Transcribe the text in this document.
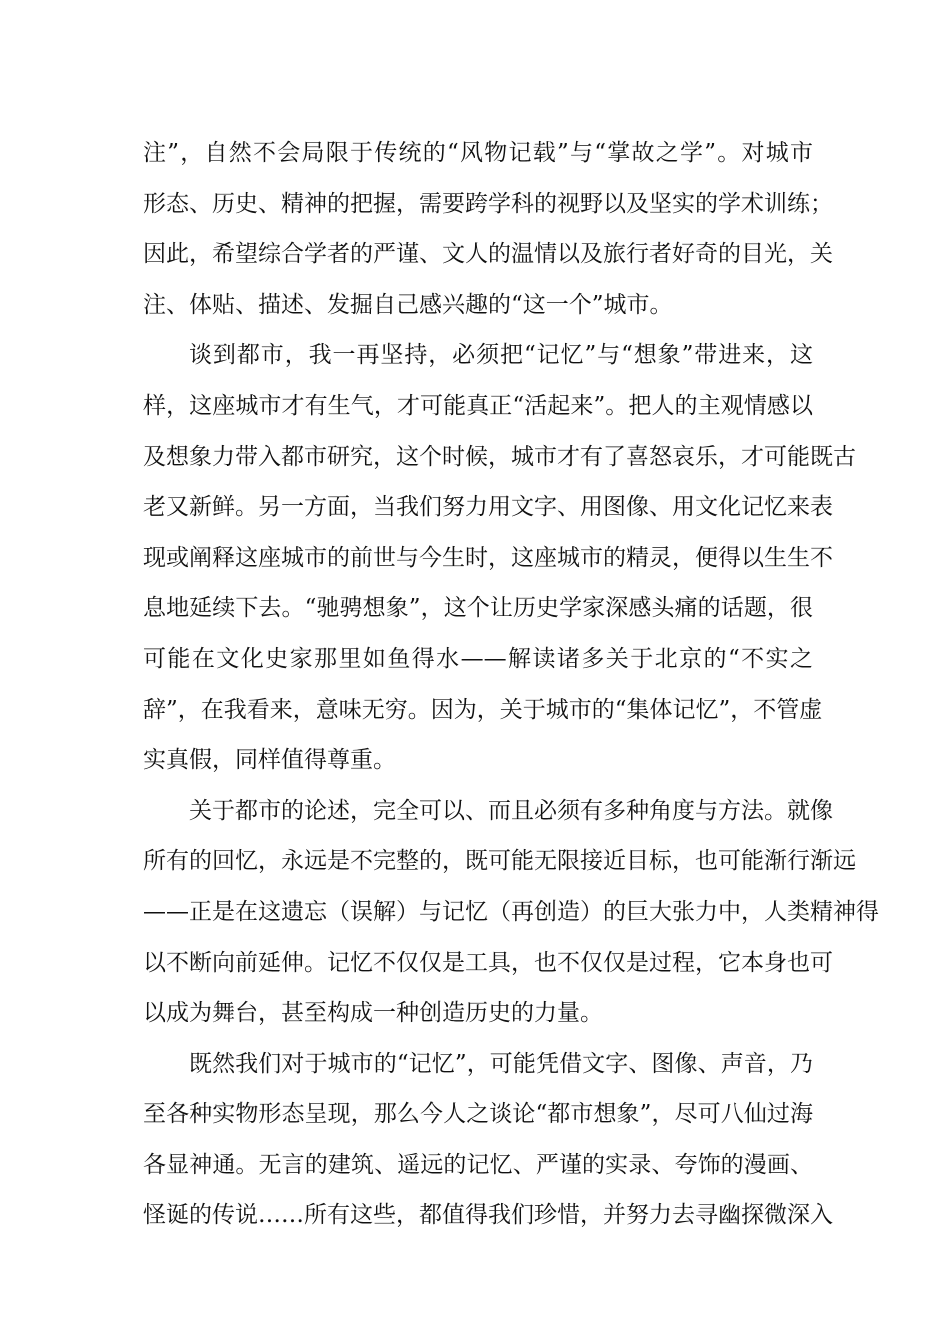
注”，自然不会局限于传统的“风物记载”与“掌故之学”。对城市
形态、历史、精神的把握，需要跨学科的视野以及坚实的学术训练；
因此，希望综合学者的严谨、文人的温情以及旅行者好奇的目光，关
注、体贴、描述、发掘自己感兴趣的“这一个”城市。
谈到都市，我一再坚持，必须把“记忆”与“想象”带进来，这
样，这座城市才有生气，才可能真正“活起来”。把人的主观情感以
及想象力带入都市研究，这个时候，城市才有了喜怒哀乐，才可能既古
老又新鲜。另一方面，当我们努力用文字、用图像、用文化记忆来表
现或阐释这座城市的前世与今生时，这座城市的精灵，便得以生生不
息地延续下去。“驰骋想象”，这个让历史学家深感头痛的话题，很
可能在文化史家那里如鱼得水——解读诸多关于北京的“不实之
辞”，在我看来，意味无穷。因为，关于城市的“集体记忆”，不管虚
实真假，同样值得尊重。
关于都市的论述，完全可以、而且必须有多种角度与方法。就像
所有的回忆，永远是不完整的，既可能无限接近目标，也可能渐行渐远
——正是在这遗忘（误解）与记忆（再创造）的巨大张力中，人类精神得
以不断向前延伸。记忆不仅仅是工具，也不仅仅是过程，它本身也可
以成为舞台，甚至构成一种创造历史的力量。
既然我们对于城市的“记忆”，可能凭借文字、图像、声音，乃
至各种实物形态呈现，那么今人之谈论“都市想象”，尽可八仙过海
各显神通。无言的建筑、遥远的记忆、严谨的实录、夸饰的漫画、
怪诞的传说……所有这些，都值得我们珍惜，并努力去寻幽探微深入
